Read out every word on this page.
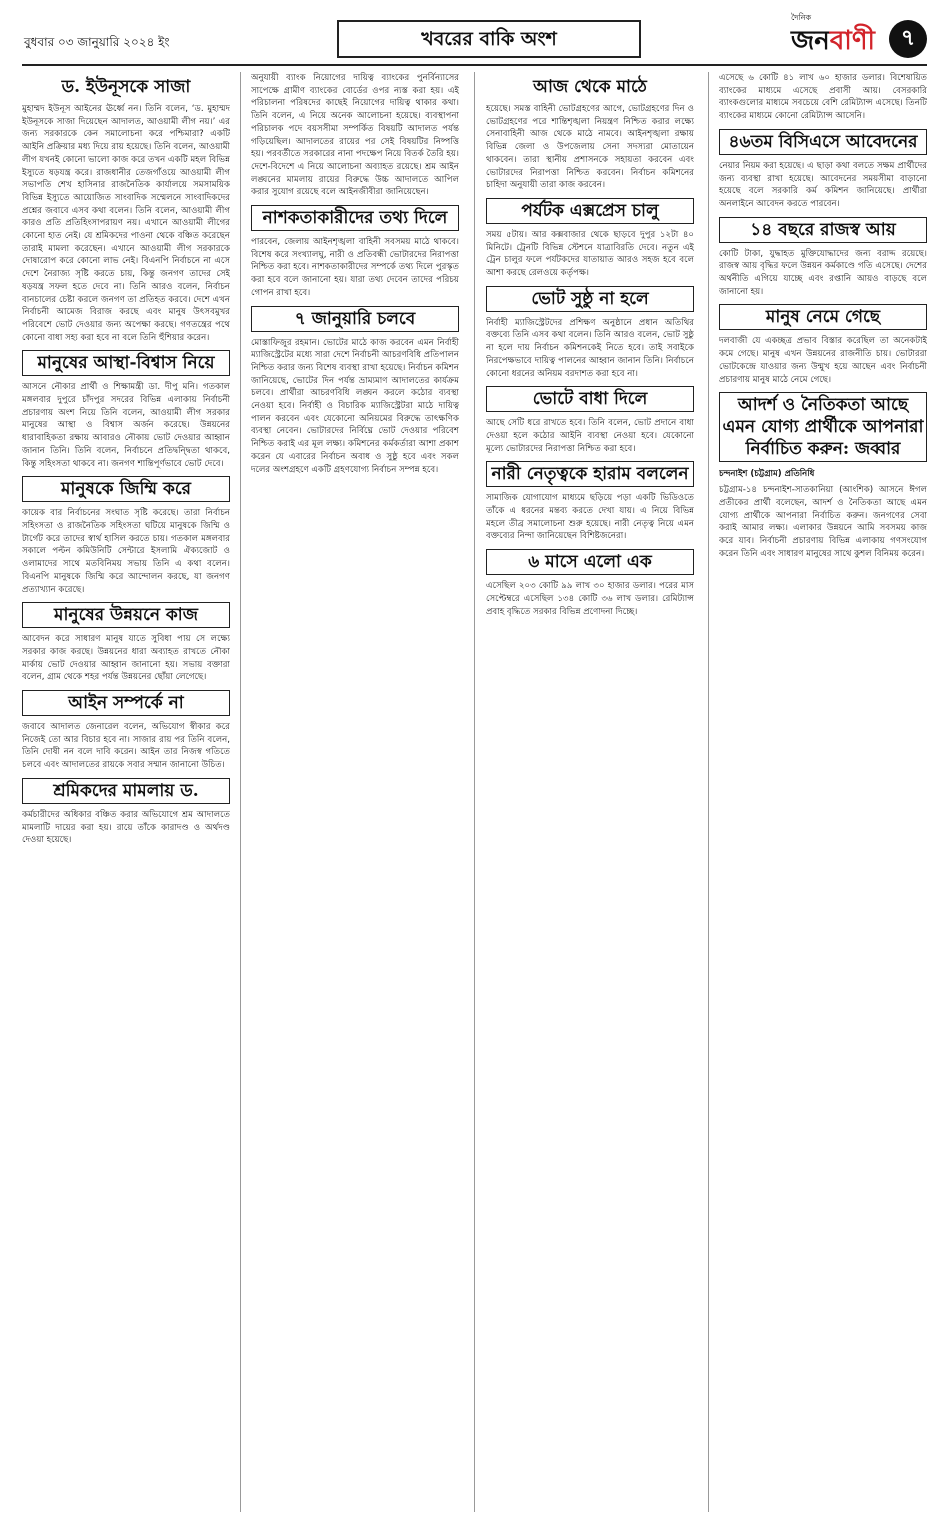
বুধবার ০৩ জানুয়ারি ২০২৪ ইং	খবরের বাকি অংশ
দৈনিক
জনবাণী	৭
ড. ইউনূসকে সাজা

মুহাম্মদ ইউনূস আইনের ঊর্ধ্বে নন। তিনি বলেন, ‘ড. মুহাম্মদ ইউনূসকে সাজা দিয়েছেন আদালত, আওয়ামী লীগ নয়।’ এর জন্য সরকারকে কেন সমালোচনা করে পশ্চিমারা? একটি আইনি প্রক্রিয়ার মধ্য দিয়ে রায় হয়েছে। তিনি বলেন, আওয়ামী লীগ যখনই কোনো ভালো কাজ করে তখন একটি মহল বিভিন্ন ইস্যুতে ষড়যন্ত্র করে। রাজধানীর তেজগাঁওয়ে আওয়ামী লীগ সভাপতি শেখ হাসিনার রাজনৈতিক কার্যালয়ে সমসাময়িক বিভিন্ন ইস্যুতে আয়োজিত সাংবাদিক সম্মেলনে সাংবাদিকদের প্রশ্নের জবাবে এসব কথা বলেন। তিনি বলেন, আওয়ামী লীগ কারও প্রতি প্রতিহিংসাপরায়ণ নয়। এখানে আওয়ামী লীগের কোনো হাত নেই। যে শ্রমিকদের পাওনা থেকে বঞ্চিত করেছেন তারাই মামলা করেছেন। এখানে আওয়ামী লীগ সরকারকে দোষারোপ করে কোনো লাভ নেই। বিএনপি নির্বাচনে না এসে দেশে নৈরাজ্য সৃষ্টি করতে চায়, কিন্তু জনগণ তাদের সেই ষড়যন্ত্র সফল হতে দেবে না। তিনি আরও বলেন, নির্বাচন বানচালের চেষ্টা করলে জনগণ তা প্রতিহত করবে। দেশে এখন নির্বাচনী আমেজ বিরাজ করছে এবং মানুষ উৎসবমুখর পরিবেশে ভোট দেওয়ার জন্য অপেক্ষা করছে। গণতন্ত্রের পথে কোনো বাধা সহ্য করা হবে না বলে তিনি হুঁশিয়ার করেন।

মানুষের আস্থা-বিশ্বাস নিয়ে

আসনে নৌকার প্রার্থী ও শিক্ষামন্ত্রী ডা. দীপু মনি। গতকাল মঙ্গলবার দুপুরে চাঁদপুর সদরের বিভিন্ন এলাকায় নির্বাচনী প্রচারণায় অংশ নিয়ে তিনি বলেন, আওয়ামী লীগ সরকার মানুষের আস্থা ও বিশ্বাস অর্জন করেছে। উন্নয়নের ধারাবাহিকতা রক্ষায় আবারও নৌকায় ভোট দেওয়ার আহ্বান জানান তিনি। তিনি বলেন, নির্বাচনে প্রতিদ্বন্দ্বিতা থাকবে, কিন্তু সহিংসতা থাকবে না। জনগণ শান্তিপূর্ণভাবে ভোট দেবে।

মানুষকে জিম্মি করে

কায়েক বার নির্বাচনের সংঘাত সৃষ্টি করেছে। তারা নির্বাচন সহিংসতা ও রাজনৈতিক সহিংসতা ঘটিয়ে মানুষকে জিম্মি ও টার্গেট করে তাদের স্বার্থ হাসিল করতে চায়। গতকাল মঙ্গলবার সকালে পল্টন কমিউনিটি সেন্টারে ইসলামি ঐক্যজোট ও ওলামাদের সাথে মতবিনিময় সভায় তিনি এ কথা বলেন। বিএনপি মানুষকে জিম্মি করে আন্দোলন করছে, যা জনগণ প্রত্যাখ্যান করেছে।

মানুষের উন্নয়নে কাজ

আবেদন করে সাধারণ মানুষ যাতে সুবিধা পায় সে লক্ষ্যে সরকার কাজ করছে। উন্নয়নের ধারা অব্যাহত রাখতে নৌকা মার্কায় ভোট দেওয়ার আহ্বান জানানো হয়। সভায় বক্তারা বলেন, গ্রাম থেকে শহর পর্যন্ত উন্নয়নের ছোঁয়া লেগেছে।

আইন সম্পর্কে না

জবাবে আদালত জেনারেল বলেন, অভিযোগ স্বীকার করে নিজেই তো আর বিচার হবে না। সাজার রায় পর তিনি বলেন, তিনি দোষী নন বলে দাবি করেন। আইন তার নিজস্ব গতিতে চলবে এবং আদালতের রায়কে সবার সম্মান জানানো উচিত।

শ্রমিকদের মামলায় ড.

কর্মচারীদের অধিকার বঞ্চিত করার অভিযোগে শ্রম আদালতে মামলাটি দায়ের করা হয়। রায়ে তাঁকে কারাদণ্ড ও অর্থদণ্ড দেওয়া হয়েছে।

অনুযায়ী ব্যাংক নিয়োগের দায়িত্ব ব্যাংকের পুনর্বিন্যাসের সাপেক্ষে গ্রামীণ ব্যাংকের বোর্ডের ওপর ন্যস্ত করা হয়। এই পরিচালনা পরিষদের কাছেই নিয়োগের দায়িত্ব থাকার কথা। তিনি বলেন, এ নিয়ে অনেক আলোচনা হয়েছে। ব্যবস্থাপনা পরিচালক পদে বয়সসীমা সম্পর্কিত বিষয়টি আদালত পর্যন্ত গড়িয়েছিল। আদালতের রায়ের পর সেই বিষয়টির নিষ্পত্তি হয়। পরবর্তীতে সরকারের নানা পদক্ষেপ নিয়ে বিতর্ক তৈরি হয়। দেশে-বিদেশে এ নিয়ে আলোচনা অব্যাহত রয়েছে। শ্রম আইন লঙ্ঘনের মামলায় রায়ের বিরুদ্ধে উচ্চ আদালতে আপিল করার সুযোগ রয়েছে বলে আইনজীবীরা জানিয়েছেন।

নাশকতাকারীদের তথ্য দিলে

পারবেন, জেলায় আইনশৃঙ্খলা বাহিনী সবসময় মাঠে থাকবে। বিশেষ করে সংখ্যালঘু, নারী ও প্রতিবন্ধী ভোটারদের নিরাপত্তা নিশ্চিত করা হবে। নাশকতাকারীদের সম্পর্কে তথ্য দিলে পুরস্কৃত করা হবে বলে জানানো হয়। যারা তথ্য দেবেন তাদের পরিচয় গোপন রাখা হবে।

৭ জানুয়ারি চলবে

মোস্তাফিজুর রহমান। ভোটের মাঠে কাজ করবেন এমন নির্বাহী ম্যাজিস্ট্রেটের মধ্যে সারা দেশে নির্বাচনী আচরণবিধি প্রতিপালন নিশ্চিত করার জন্য বিশেষ ব্যবস্থা রাখা হয়েছে। নির্বাচন কমিশন জানিয়েছে, ভোটের দিন পর্যন্ত ভ্রাম্যমাণ আদালতের কার্যক্রম চলবে। প্রার্থীরা আচরণবিধি লঙ্ঘন করলে কঠোর ব্যবস্থা নেওয়া হবে। নির্বাহী ও বিচারিক ম্যাজিস্ট্রেটরা মাঠে দায়িত্ব পালন করবেন এবং যেকোনো অনিয়মের বিরুদ্ধে তাৎক্ষণিক ব্যবস্থা নেবেন। ভোটারদের নির্বিঘ্নে ভোট দেওয়ার পরিবেশ নিশ্চিত করাই এর মূল লক্ষ্য। কমিশনের কর্মকর্তারা আশা প্রকাশ করেন যে এবারের নির্বাচন অবাধ ও সুষ্ঠু হবে এবং সকল দলের অংশগ্রহণে একটি গ্রহণযোগ্য নির্বাচন সম্পন্ন হবে।

আজ থেকে মাঠে

হয়েছে। সমস্ত বাহিনী ভোটগ্রহণের আগে, ভোটগ্রহণের দিন ও ভোটগ্রহণের পরে শান্তিশৃঙ্খলা নিয়ন্ত্রণ নিশ্চিত করার লক্ষ্যে সেনাবাহিনী আজ থেকে মাঠে নামবে। আইনশৃঙ্খলা রক্ষায় বিভিন্ন জেলা ও উপজেলায় সেনা সদস্যরা মোতায়েন থাকবেন। তারা স্থানীয় প্রশাসনকে সহায়তা করবেন এবং ভোটারদের নিরাপত্তা নিশ্চিত করবেন। নির্বাচন কমিশনের চাহিদা অনুযায়ী তারা কাজ করবেন।

পর্যটক এক্সপ্রেস চালু

সময় ৫টায়। আর কক্সবাজার থেকে ছাড়বে দুপুর ১২টা ৪০ মিনিটে। ট্রেনটি বিভিন্ন স্টেশনে যাত্রাবিরতি দেবে। নতুন এই ট্রেন চালুর ফলে পর্যটকদের যাতায়াত আরও সহজ হবে বলে আশা করছে রেলওয়ে কর্তৃপক্ষ।

ভোট সুষ্ঠু না হলে

নির্বাহী ম্যাজিস্ট্রেটদের প্রশিক্ষণ অনুষ্ঠানে প্রধান অতিথির বক্তব্যে তিনি এসব কথা বলেন। তিনি আরও বলেন, ভোট সুষ্ঠু না হলে দায় নির্বাচন কমিশনকেই নিতে হবে। তাই সবাইকে নিরপেক্ষভাবে দায়িত্ব পালনের আহ্বান জানান তিনি। নির্বাচনে কোনো ধরনের অনিয়ম বরদাশত করা হবে না।

ভোটে বাধা দিলে

আছে সেটি ধরে রাখতে হবে। তিনি বলেন, ভোট প্রদানে বাধা দেওয়া হলে কঠোর আইনি ব্যবস্থা নেওয়া হবে। যেকোনো মূল্যে ভোটারদের নিরাপত্তা নিশ্চিত করা হবে।

নারী নেতৃত্বকে হারাম বললেন

সামাজিক যোগাযোগ মাধ্যমে ছড়িয়ে পড়া একটি ভিডিওতে তাঁকে এ ধরনের মন্তব্য করতে দেখা যায়। এ নিয়ে বিভিন্ন মহলে তীব্র সমালোচনা শুরু হয়েছে। নারী নেতৃত্ব নিয়ে এমন বক্তব্যের নিন্দা জানিয়েছেন বিশিষ্টজনেরা।

৬ মাসে এলো এক

এসেছিল ২০৩ কোটি ৯৯ লাখ ৩০ হাজার ডলার। পরের মাস সেপ্টেম্বরে এসেছিল ১৩৪ কোটি ৩৬ লাখ ডলার। রেমিট্যান্স প্রবাহ বৃদ্ধিতে সরকার বিভিন্ন প্রণোদনা দিচ্ছে।

এসেছে ৬ কোটি ৪১ লাখ ৬০ হাজার ডলার। বিশেষায়িত ব্যাংকের মাধ্যমে এসেছে প্রবাসী আয়। বেসরকারি ব্যাংকগুলোর মাধ্যমে সবচেয়ে বেশি রেমিট্যান্স এসেছে। তিনটি ব্যাংকের মাধ্যমে কোনো রেমিট্যান্স আসেনি।

৪৬তম বিসিএসে আবেদনের

নেয়ার নিয়ম করা হয়েছে। এ ছাড়া কথা বলতে সক্ষম প্রার্থীদের জন্য ব্যবস্থা রাখা হয়েছে। আবেদনের সময়সীমা বাড়ানো হয়েছে বলে সরকারি কর্ম কমিশন জানিয়েছে। প্রার্থীরা অনলাইনে আবেদন করতে পারবেন।

১৪ বছরে রাজস্ব আয়

কোটি টাকা, যুদ্ধাহত মুক্তিযোদ্ধাদের জন্য বরাদ্দ রয়েছে। রাজস্ব আয় বৃদ্ধির ফলে উন্নয়ন কর্মকাণ্ডে গতি এসেছে। দেশের অর্থনীতি এগিয়ে যাচ্ছে এবং রপ্তানি আয়ও বাড়ছে বলে জানানো হয়।

মানুষ নেমে গেছে

দলবাজী যে একচ্ছত্র প্রভাব বিস্তার করেছিল তা অনেকটাই কমে গেছে। মানুষ এখন উন্নয়নের রাজনীতি চায়। ভোটাররা ভোটকেন্দ্রে যাওয়ার জন্য উন্মুখ হয়ে আছেন এবং নির্বাচনী প্রচারণায় মানুষ মাঠে নেমে গেছে।

আদর্শ ও নৈতিকতা আছে এমন যোগ্য প্রার্থীকে আপনারা নির্বাচিত করুন: জব্বার
চন্দনাইশ (চট্টগ্রাম) প্রতিনিধি

চট্টগ্রাম-১৪ চন্দনাইশ-সাতকানিয়া (আংশিক) আসনে ঈগল প্রতীকের প্রার্থী বলেছেন, আদর্শ ও নৈতিকতা আছে এমন যোগ্য প্রার্থীকে আপনারা নির্বাচিত করুন। জনগণের সেবা করাই আমার লক্ষ্য। এলাকার উন্নয়নে আমি সবসময় কাজ করে যাব। নির্বাচনী প্রচারণায় বিভিন্ন এলাকায় গণসংযোগ করেন তিনি এবং সাধারণ মানুষের সাথে কুশল বিনিময় করেন।
